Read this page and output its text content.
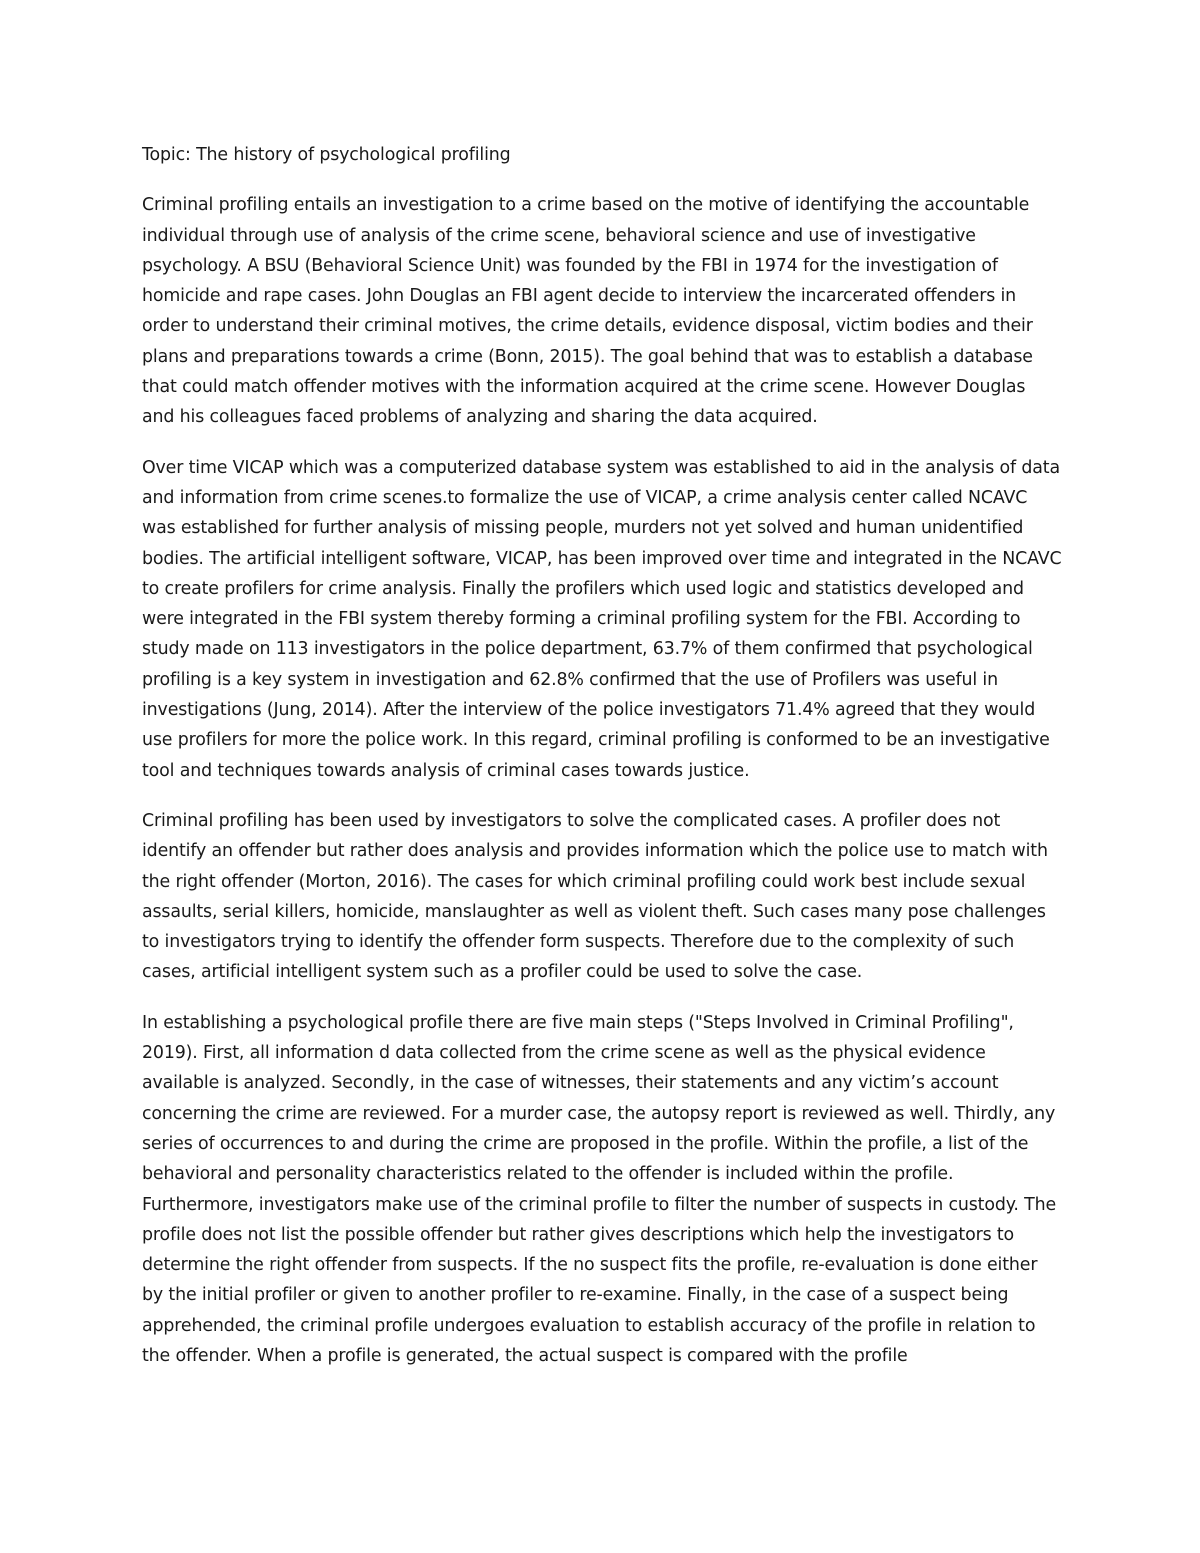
Topic: The history of psychological profiling

Criminal profiling entails an investigation to a crime based on the motive of identifying the accountable individual through use of analysis of the crime scene, behavioral science and use of investigative psychology. A BSU (Behavioral Science Unit) was founded by the FBI in 1974 for the investigation of homicide and rape cases. John Douglas an FBI agent decide to interview the incarcerated offenders in order to understand their criminal motives, the crime details, evidence disposal, victim bodies and their plans and preparations towards a crime (Bonn, 2015). The goal behind that was to establish a database that could match offender motives with the information acquired at the crime scene. However Douglas and his colleagues faced problems of analyzing and sharing the data acquired.

Over time VICAP which was a computerized database system was established to aid in the analysis of data and information from crime scenes.to formalize the use of VICAP, a crime analysis center called NCAVC was established for further analysis of missing people, murders not yet solved and human unidentified bodies. The artificial intelligent software, VICAP, has been improved over time and integrated in the NCAVC to create profilers for crime analysis. Finally the profilers which used logic and statistics developed and were integrated in the FBI system thereby forming a criminal profiling system for the FBI. According to study made on 113 investigators in the police department, 63.7% of them confirmed that psychological profiling is a key system in investigation and 62.8% confirmed that the use of Profilers was useful in investigations (Jung, 2014). After the interview of the police investigators 71.4% agreed that they would use profilers for more the police work. In this regard, criminal profiling is conformed to be an investigative tool and techniques towards analysis of criminal cases towards justice.

Criminal profiling has been used by investigators to solve the complicated cases. A profiler does not identify an offender but rather does analysis and provides information which the police use to match with the right offender (Morton, 2016). The cases for which criminal profiling could work best include sexual assaults, serial killers, homicide, manslaughter as well as violent theft. Such cases many pose challenges to investigators trying to identify the offender form suspects. Therefore due to the complexity of such cases, artificial intelligent system such as a profiler could be used to solve the case.

In establishing a psychological profile there are five main steps ("Steps Involved in Criminal Profiling", 2019). First, all information d data collected from the crime scene as well as the physical evidence available is analyzed. Secondly, in the case of witnesses, their statements and any victim’s account concerning the crime are reviewed. For a murder case, the autopsy report is reviewed as well. Thirdly, any series of occurrences to and during the crime are proposed in the profile. Within the profile, a list of the behavioral and personality characteristics related to the offender is included within the profile. Furthermore, investigators make use of the criminal profile to filter the number of suspects in custody. The profile does not list the possible offender but rather gives descriptions which help the investigators to determine the right offender from suspects. If the no suspect fits the profile, re-evaluation is done either by the initial profiler or given to another profiler to re-examine. Finally, in the case of a suspect being apprehended, the criminal profile undergoes evaluation to establish accuracy of the profile in relation to the offender. When a profile is generated, the actual suspect is compared with the profile
